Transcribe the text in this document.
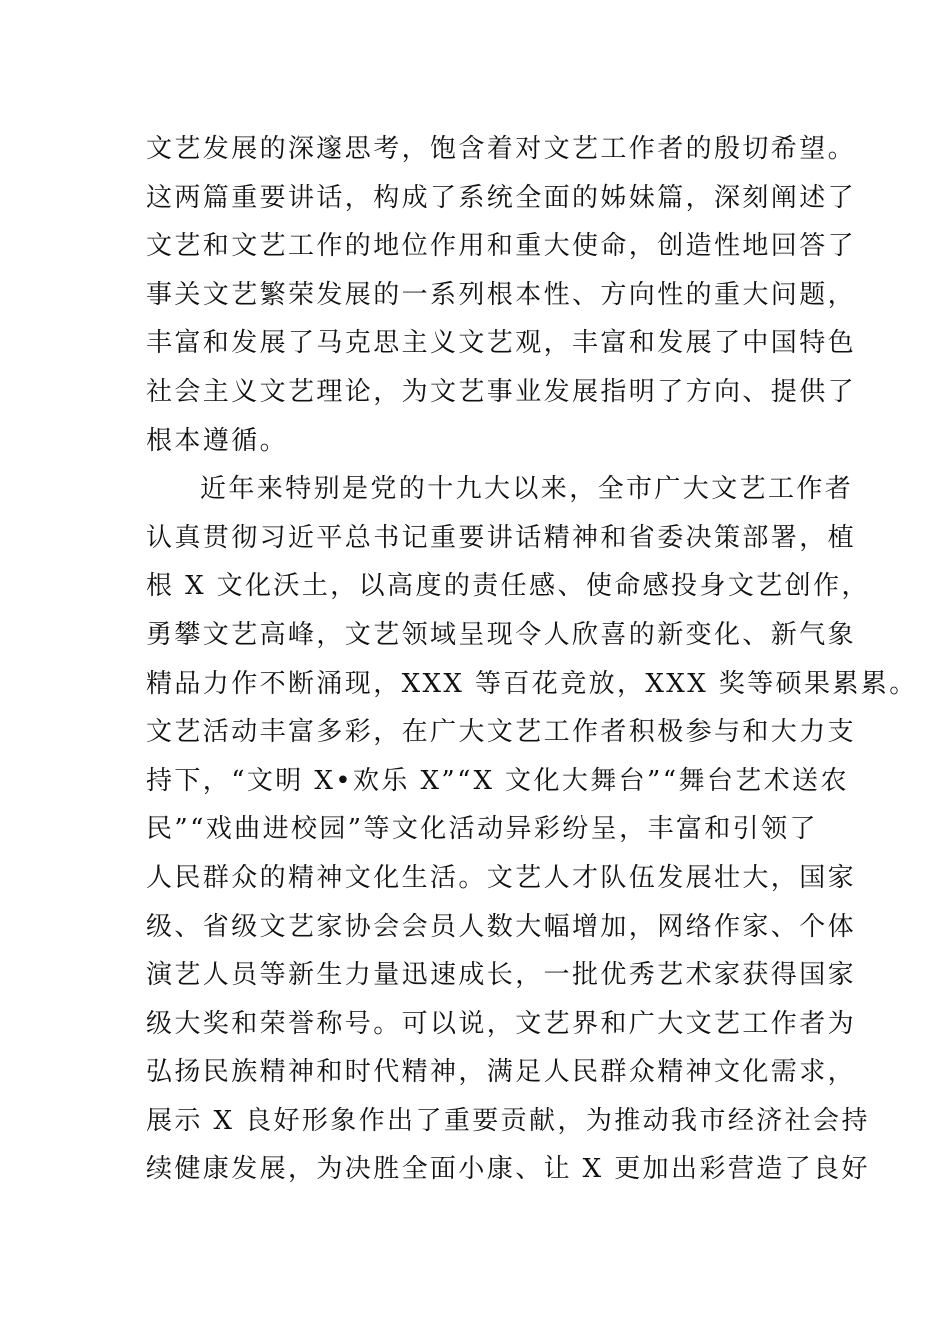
文艺发展的深邃思考，饱含着对文艺工作者的殷切希望。
这两篇重要讲话，构成了系统全面的姊妹篇，深刻阐述了
文艺和文艺工作的地位作用和重大使命，创造性地回答了
事关文艺繁荣发展的一系列根本性、方向性的重大问题，
丰富和发展了马克思主义文艺观，丰富和发展了中国特色
社会主义文艺理论，为文艺事业发展指明了方向、提供了
根本遵循。
近年来特别是党的十九大以来，全市广大文艺工作者
认真贯彻习近平总书记重要讲话精神和省委决策部署，植
根 X 文化沃土，以高度的责任感、使命感投身文艺创作，
勇攀文艺高峰，文艺领域呈现令人欣喜的新变化、新气象
精品力作不断涌现，XXX 等百花竞放，XXX 奖等硕果累累。
文艺活动丰富多彩，在广大文艺工作者积极参与和大力支
持下，“文明 X•欢乐 X”“X 文化大舞台”“舞台艺术送农
民”“戏曲进校园”等文化活动异彩纷呈，丰富和引领了
人民群众的精神文化生活。文艺人才队伍发展壮大，国家
级、省级文艺家协会会员人数大幅增加，网络作家、个体
演艺人员等新生力量迅速成长，一批优秀艺术家获得国家
级大奖和荣誉称号。可以说，文艺界和广大文艺工作者为
弘扬民族精神和时代精神，满足人民群众精神文化需求，
展示 X 良好形象作出了重要贡献，为推动我市经济社会持
续健康发展，为决胜全面小康、让 X 更加出彩营造了良好
